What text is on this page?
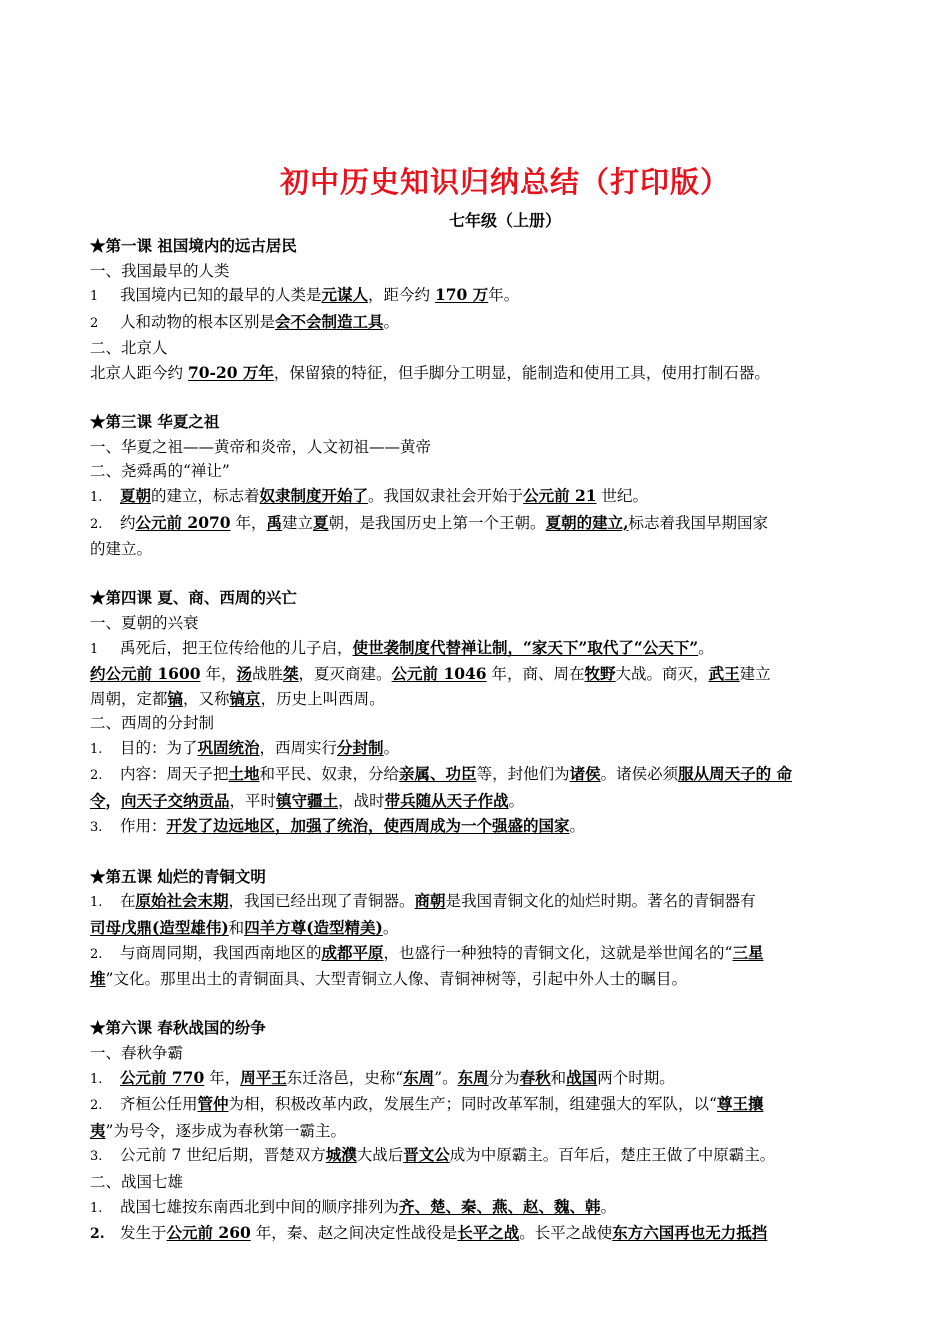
初中历史知识归纳总结（打印版）

七年级（上册）

★第一课 祖国境内的远古居民

一、我国最早的人类

1 我国境内已知的最早的人类是元谋人，距今约 170 万年。

2 人和动物的根本区别是会不会制造工具。

二、北京人

北京人距今约 70-20 万年，保留猿的特征，但手脚分工明显，能制造和使用工具，使用打制石器。

★第三课 华夏之祖

一、华夏之祖——黄帝和炎帝，人文初祖——黄帝

二、尧舜禹的“禅让”

1. 夏朝的建立，标志着奴隶制度开始了。我国奴隶社会开始于公元前 21 世纪。

2. 约公元前 2070 年，禹建立夏朝，是我国历史上第一个王朝。夏朝的建立,标志着我国早期国家

的建立。

★第四课 夏、商、西周的兴亡

一、夏朝的兴衰

1 禹死后，把王位传给他的儿子启，使世袭制度代替禅让制，“家天下”取代了“公天下”。

约公元前 1600 年，汤战胜桀，夏灭商建。公元前 1046 年，商、周在牧野大战。商灭，武王建立

周朝，定都镐，又称镐京，历史上叫西周。

二、西周的分封制

1. 目的：为了巩固统治，西周实行分封制。

2. 内容：周天子把土地和平民、奴隶，分给亲属、功臣等，封他们为诸侯。诸侯必须服从周天子的 命

令，向天子交纳贡品，平时镇守疆土，战时带兵随从天子作战。

3. 作用：开发了边远地区，加强了统治，使西周成为一个强盛的国家。

★第五课 灿烂的青铜文明

1. 在原始社会末期，我国已经出现了青铜器。商朝是我国青铜文化的灿烂时期。著名的青铜器有

司母戊鼎(造型雄伟)和四羊方尊(造型精美)。

2. 与商周同期，我国西南地区的成都平原，也盛行一种独特的青铜文化，这就是举世闻名的“三星

堆”文化。那里出土的青铜面具、大型青铜立人像、青铜神树等，引起中外人士的瞩目。

★第六课 春秋战国的纷争

一、春秋争霸

1. 公元前 770 年，周平王东迁洛邑，史称“东周”。东周分为春秋和战国两个时期。

2. 齐桓公任用管仲为相，积极改革内政，发展生产；同时改革军制，组建强大的军队，以“尊王攘

夷”为号令，逐步成为春秋第一霸主。

3. 公元前 7 世纪后期，晋楚双方城濮大战后晋文公成为中原霸主。百年后，楚庄王做了中原霸主。

二、战国七雄

1. 战国七雄按东南西北到中间的顺序排列为齐、楚、秦、燕、赵、魏、韩。

2. 发生于公元前 260 年，秦、赵之间决定性战役是长平之战。长平之战使东方六国再也无力抵挡
